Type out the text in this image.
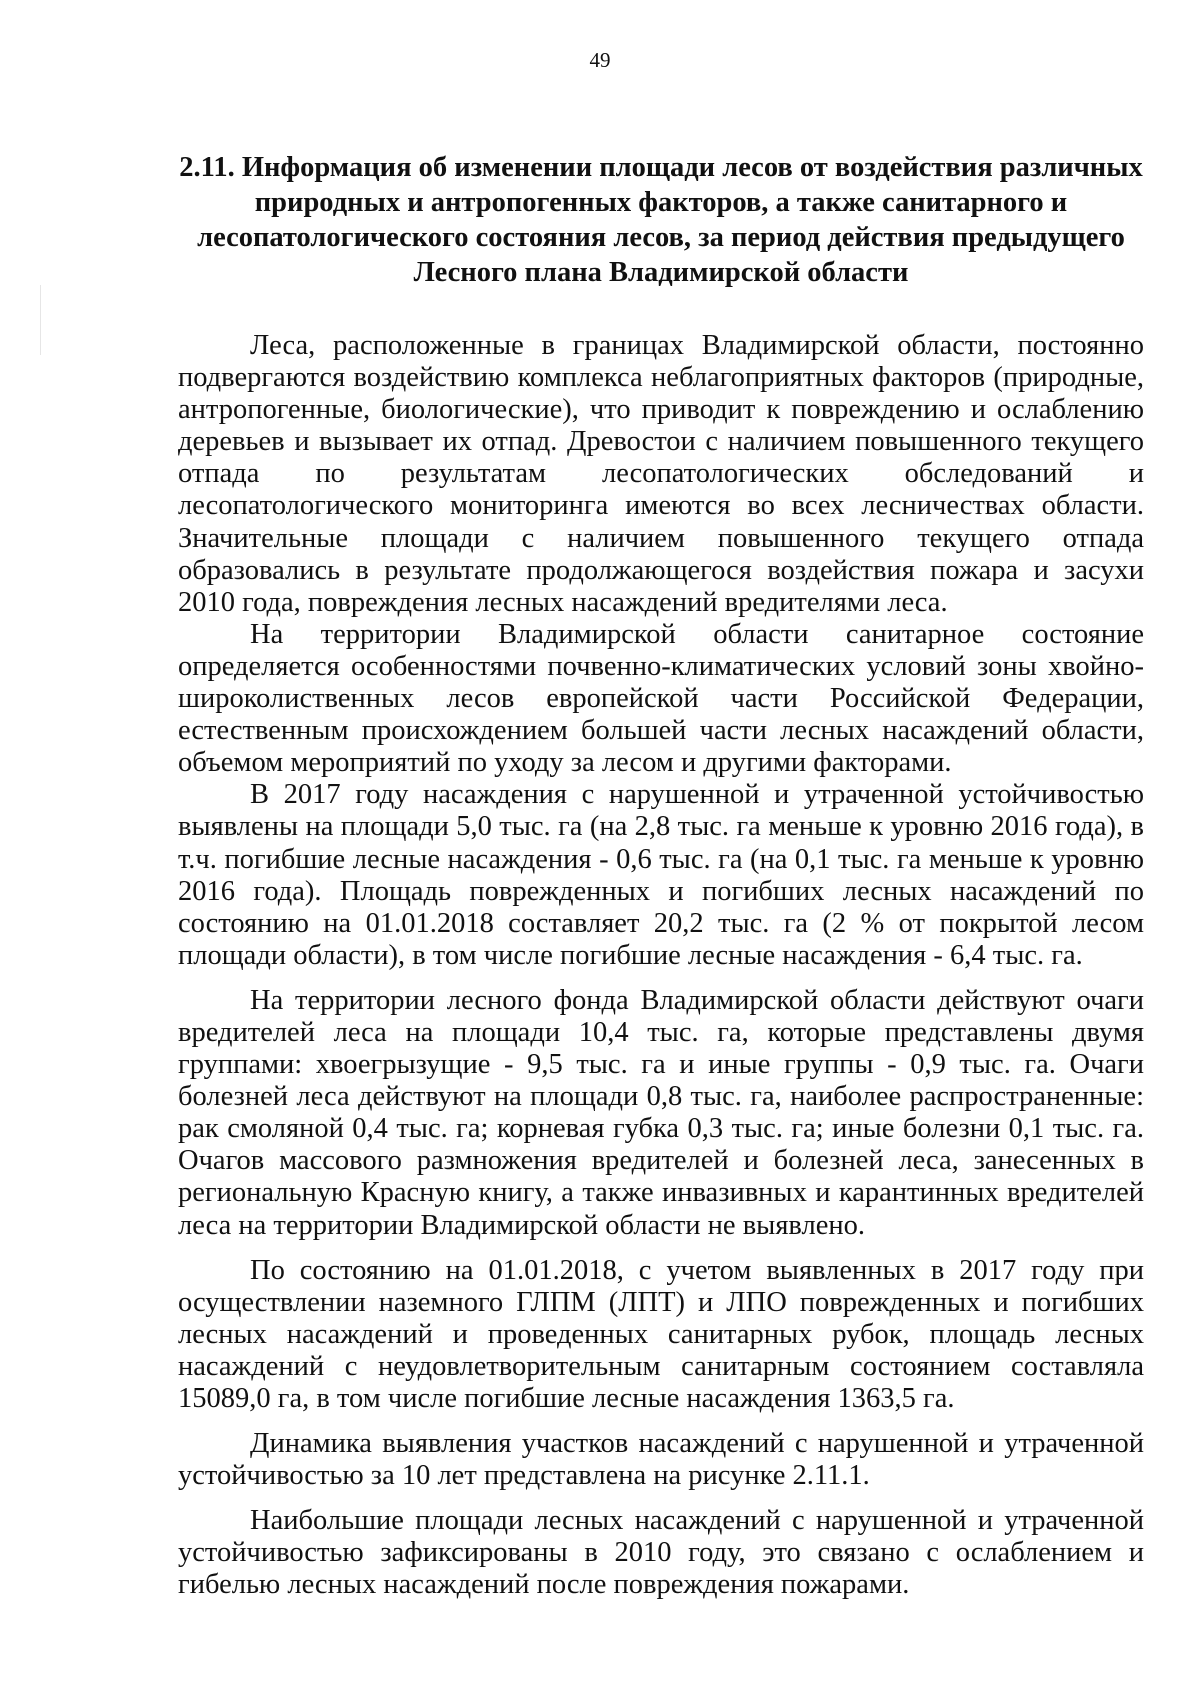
49
2.11. Информация об изменении площади лесов от воздействия различных
природных и антропогенных факторов, а также санитарного и
лесопатологического состояния лесов, за период действия предыдущего
Лесного плана Владимирской области

Леса, расположенные в границах Владимирской области, постоянно подвергаются воздействию комплекса неблагоприятных факторов (природные, антропогенные, биологические), что приводит к повреждению и ослаблению деревьев и вызывает их отпад. Древостои с наличием повышенного текущего отпада по результатам лесопатологических обследований и лесопатологического мониторинга имеются во всех лесничествах области. Значительные площади с наличием повышенного текущего отпада образовались в результате продолжающегося воздействия пожара и засухи 2010 года, повреждения лесных насаждений вредителями леса.

На территории Владимирской области санитарное состояние определяется особенностями почвенно-климатических условий зоны хвойно-широколиственных лесов европейской части Российской Федерации, естественным происхождением большей части лесных насаждений области, объемом мероприятий по уходу за лесом и другими факторами.

В 2017 году насаждения с нарушенной и утраченной устойчивостью выявлены на площади 5,0 тыс. га (на 2,8 тыс. га меньше к уровню 2016 года), в т.ч. погибшие лесные насаждения - 0,6 тыс. га (на 0,1 тыс. га меньше к уровню 2016 года). Площадь поврежденных и погибших лесных насаждений по состоянию на 01.01.2018 составляет 20,2 тыс. га (2 % от покрытой лесом площади области), в том числе погибшие лесные насаждения - 6,4 тыс. га.

На территории лесного фонда Владимирской области действуют очаги вредителей леса на площади 10,4 тыс. га, которые представлены двумя группами: хвоегрызущие - 9,5 тыс. га и иные группы - 0,9 тыс. га. Очаги болезней леса действуют на площади 0,8 тыс. га, наиболее распространенные: рак смоляной 0,4 тыс. га; корневая губка 0,3 тыс. га; иные болезни 0,1 тыс. га. Очагов массового размножения вредителей и болезней леса, занесенных в региональную Красную книгу, а также инвазивных и карантинных вредителей леса на территории Владимирской области не выявлено.

По состоянию на 01.01.2018, с учетом выявленных в 2017 году при осуществлении наземного ГЛПМ (ЛПТ) и ЛПО поврежденных и погибших лесных насаждений и проведенных санитарных рубок, площадь лесных насаждений с неудовлетворительным санитарным состоянием составляла 15089,0 га, в том числе погибшие лесные насаждения 1363,5 га.

Динамика выявления участков насаждений с нарушенной и утраченной устойчивостью за 10 лет представлена на рисунке 2.11.1.

Наибольшие площади лесных насаждений с нарушенной и утраченной устойчивостью зафиксированы в 2010 году, это связано с ослаблением и гибелью лесных насаждений после повреждения пожарами.
